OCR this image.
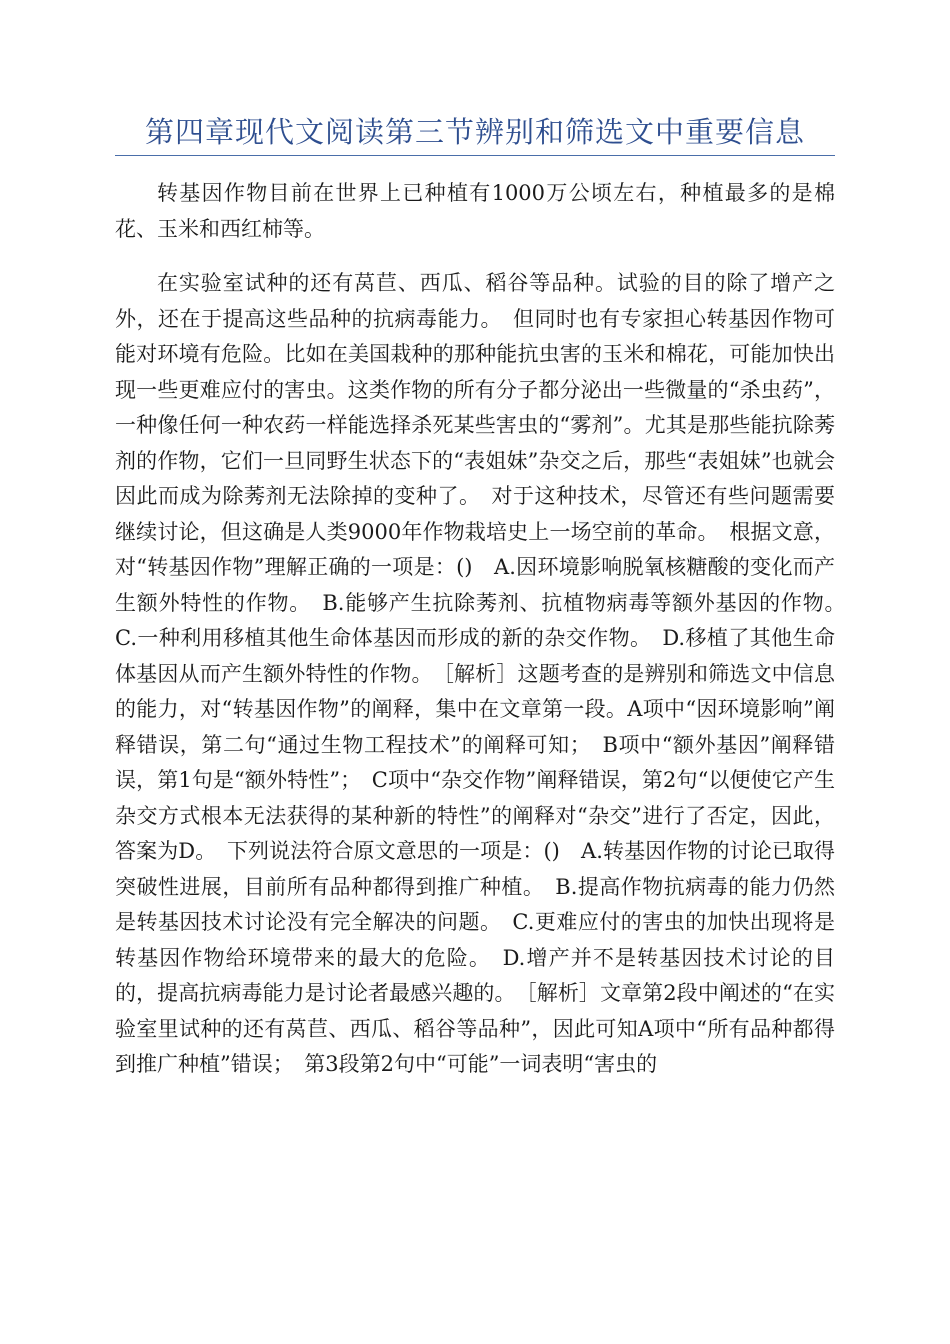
第四章现代文阅读第三节辨别和筛选文中重要信息

转基因作物目前在世界上已种植有1000万公顷左右，种植最多的是棉花、玉米和西红柿等。

在实验室试种的还有莴苣、西瓜、稻谷等品种。试验的目的除了增产之外，还在于提高这些品种的抗病毒能力。　但同时也有专家担心转基因作物可能对环境有危险。比如在美国栽种的那种能抗虫害的玉米和棉花，可能加快出现一些更难应付的害虫。这类作物的所有分子都分泌出一些微量的“杀虫药”，一种像任何一种农药一样能选择杀死某些害虫的“雾剂”。尤其是那些能抗除莠剂的作物，它们一旦同野生状态下的“表姐妹”杂交之后，那些“表姐妹”也就会因此而成为除莠剂无法除掉的变种了。　对于这种技术，尽管还有些问题需要继续讨论，但这确是人类9000年作物栽培史上一场空前的革命。　根据文意，对“转基因作物”理解正确的一项是：()　A.因环境影响脱氧核糖酸的变化而产生额外特性的作物。　B.能够产生抗除莠剂、抗植物病毒等额外基因的作物。　C.一种利用移植其他生命体基因而形成的新的杂交作物。　D.移植了其他生命体基因从而产生额外特性的作物。　［解析］这题考查的是辨别和筛选文中信息的能力，对“转基因作物”的阐释，集中在文章第一段。A项中“因环境影响”阐释错误，第二句“通过生物工程技术”的阐释可知；　B项中“额外基因”阐释错误，第1句是“额外特性”；　C项中“杂交作物”阐释错误，第2句“以便使它产生杂交方式根本无法获得的某种新的特性”的阐释对“杂交”进行了否定，因此，答案为D。　下列说法符合原文意思的一项是：()　A.转基因作物的讨论已取得突破性进展，目前所有品种都得到推广种植。　B.提高作物抗病毒的能力仍然是转基因技术讨论没有完全解决的问题。　C.更难应付的害虫的加快出现将是转基因作物给环境带来的最大的危险。　D.增产并不是转基因技术讨论的目的，提高抗病毒能力是讨论者最感兴趣的。　［解析］文章第2段中阐述的“在实验室里试种的还有莴苣、西瓜、稻谷等品种”，因此可知A项中“所有品种都得到推广种植”错误；　第3段第2句中“可能”一词表明“害虫的
